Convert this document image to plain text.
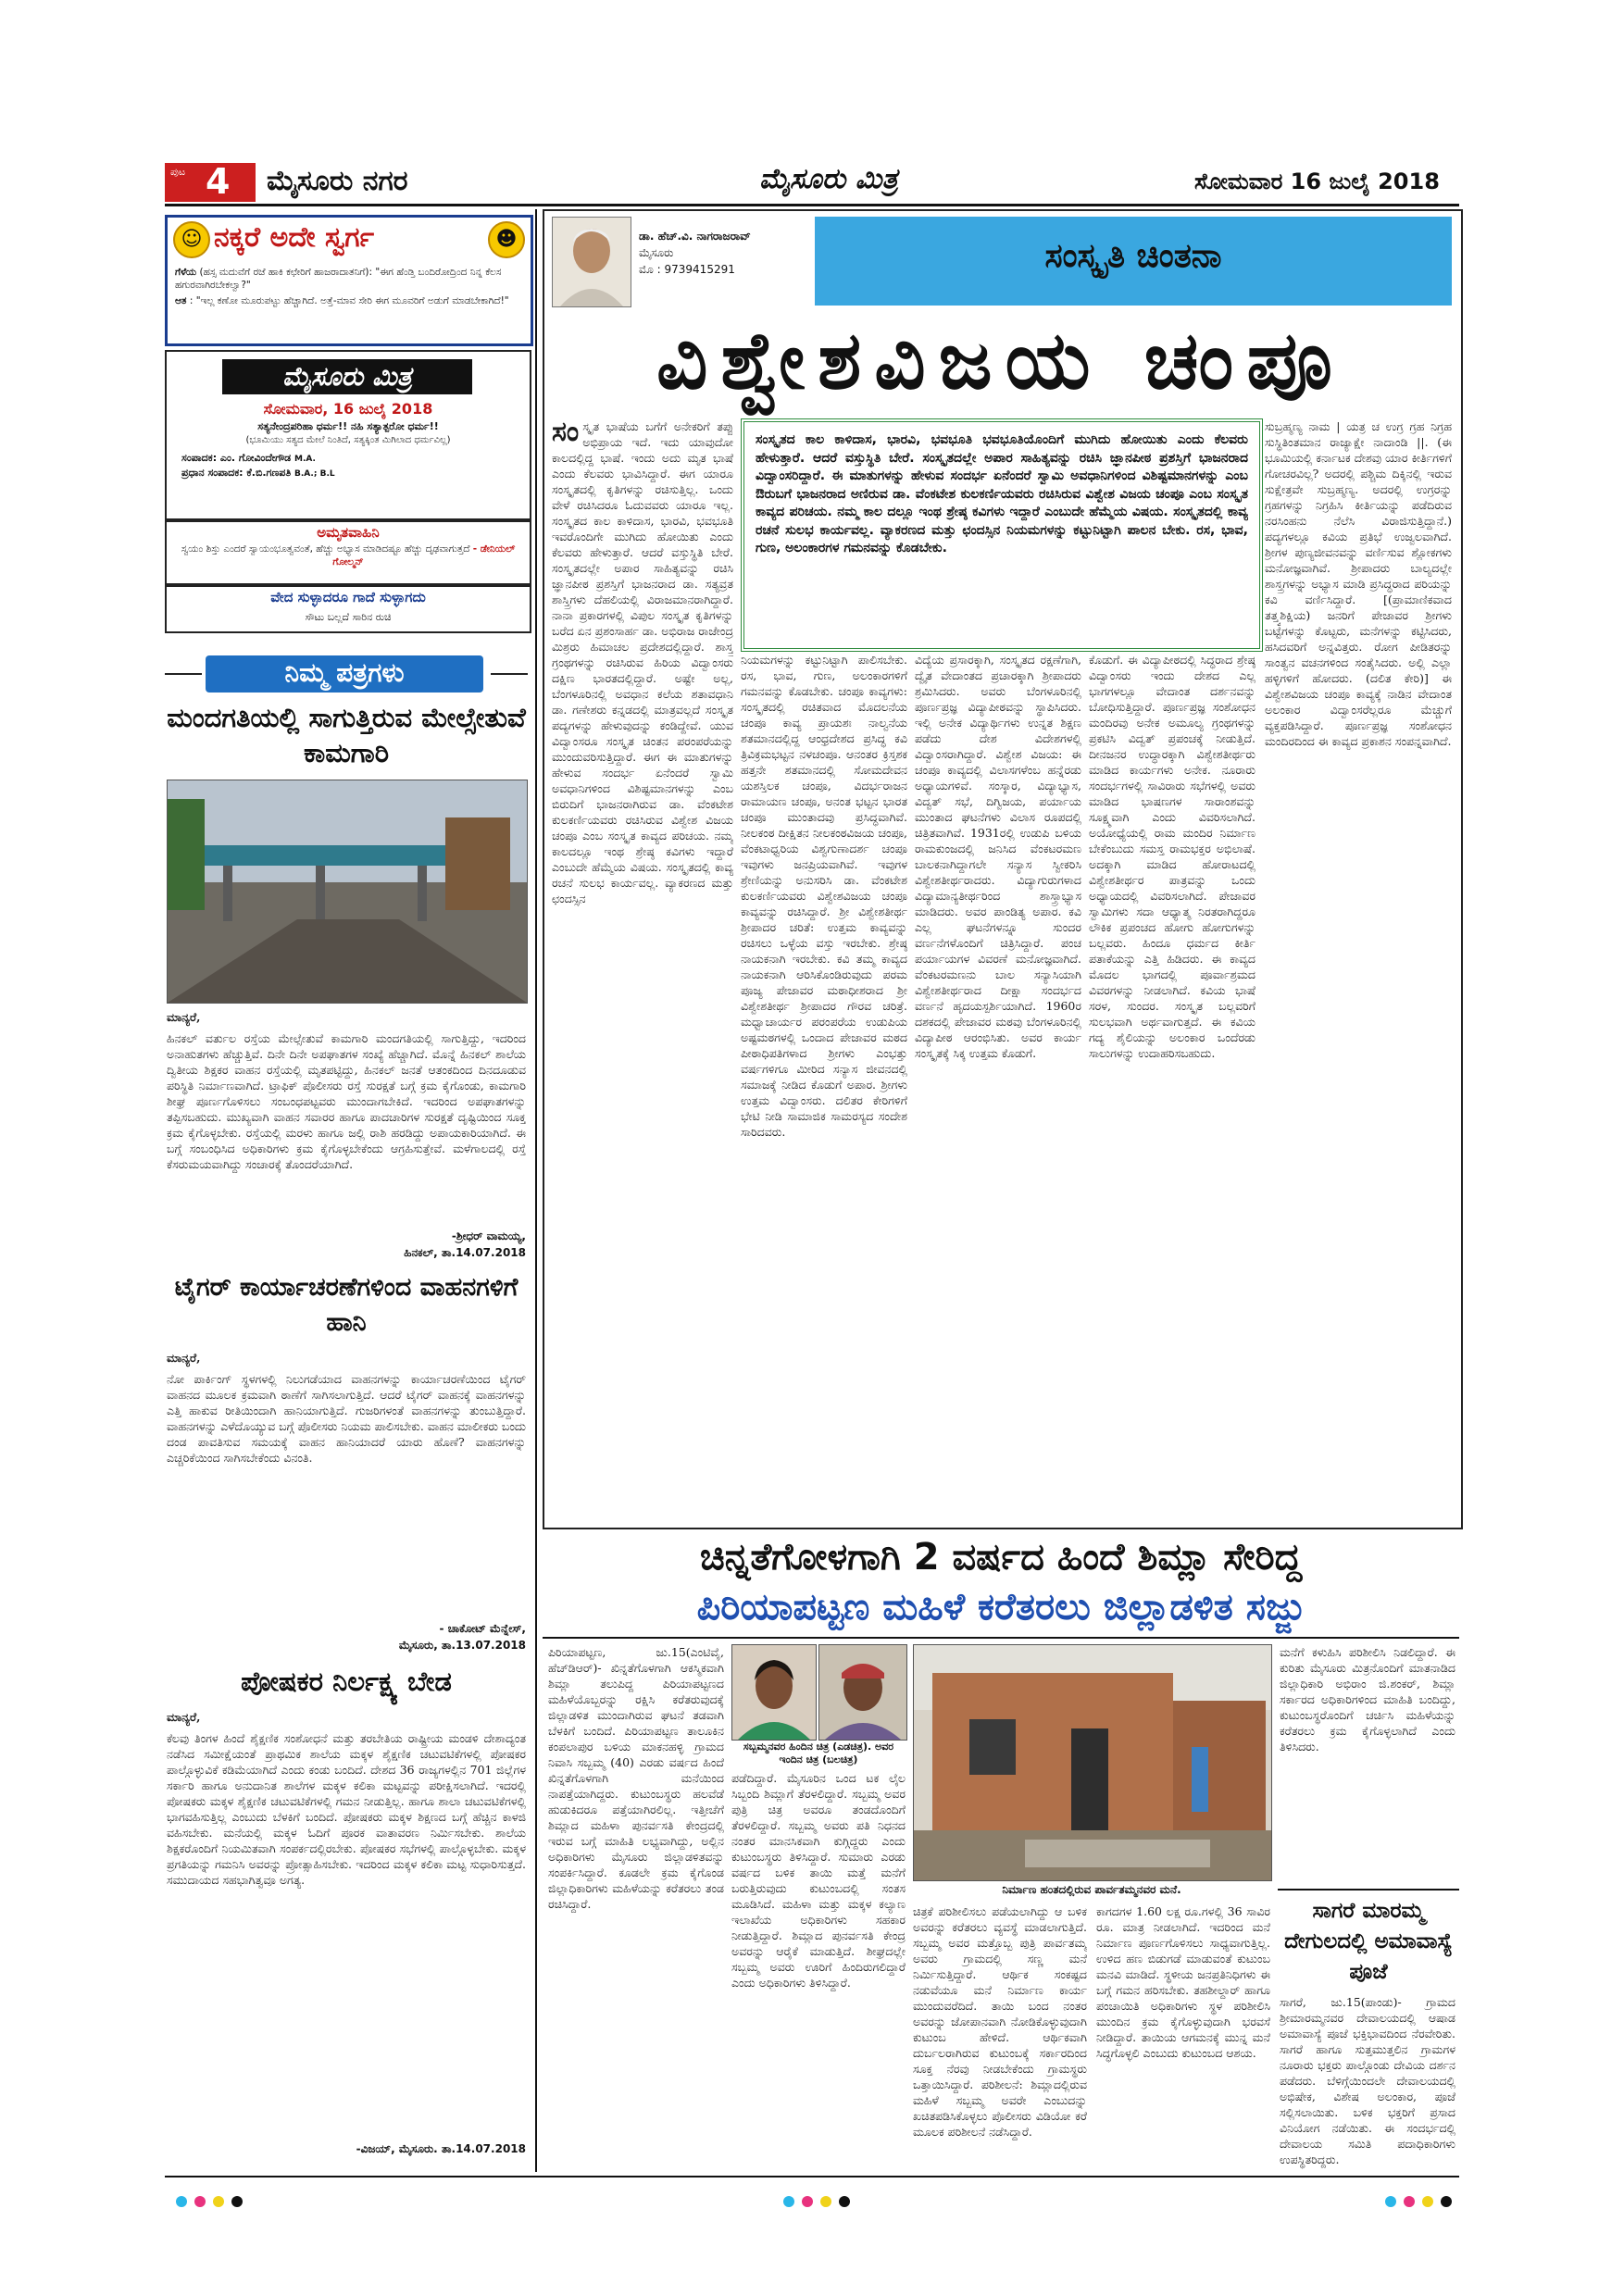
ಪುಟ 4 ಮೈಸೂರು ನಗರ	ಮೈಸೂರು ಮಿತ್ರ	ಸೋಮವಾರ 16 ಜುಲೈ 2018
☺ ನಕ್ಕರೆ ಅದೇ ಸ್ವರ್ಗ	☻
ಗೆಳೆಯ (ಹಸ್ಸ ಮದುವೆಗೆ ರಜೆ ಹಾಕಿ ಕಛೇರಿಗೆ ಹಾಜರಾದಾತನಿಗೆ): "ಈಗ ಹೆಂಡ್ತಿ ಬಂದಿರೋದ್ರಿಂದ ನಿನ್ನ ಕೆಲಸ ಹಗುರವಾಗಿರಬೇಕಲ್ವಾ?"
ಆತ : "ಇಲ್ಲ ಕಣೋ ಮೂರುಪಟ್ಟು ಹೆಚ್ಚಾಗಿದೆ. ಅತ್ತೆ-ಮಾವ ಸೇರಿ ಈಗ ಮೂವರಿಗೆ ಅಡುಗೆ ಮಾಡಬೇಕಾಗಿದೆ!"
ಮೈಸೂರು ಮಿತ್ರ
ಸೋಮವಾರ, 16 ಜುಲೈ 2018
ಸತ್ಯನೇಂದ್ರಪರಿಹಾ ಧರ್ಮ!! ನಹಿ ಸತ್ಯಾತ್ಪರೋ ಧರ್ಮ!!
(ಭೂಮಿಯು ಸತ್ಯದ ಮೇಲೆ ನಿಂತಿದೆ, ಸತ್ಯಕ್ಕಿಂತ ಮಿಗಿಲಾದ ಧರ್ಮವಿಲ್ಲ)
ಸಂಪಾದಕ: ಎಂ. ಗೋವಿಂದೇಗೌಡ M.A.
ಪ್ರಧಾನ ಸಂಪಾದಕ: ಕೆ.ಬಿ.ಗಣಪತಿ B.A.; B.L
ಅಮೃತವಾಹಿನಿ
ಸ್ವಯಂ ಶಿಸ್ತು ಎಂದರೆ ಸ್ವಾಯಂಭೂತ್ವವಂತೆ, ಹೆಚ್ಚು ಅಭ್ಯಾಸ ಮಾಡಿದಷ್ಟೂ ಹೆಚ್ಚು ದೃಢವಾಗುತ್ತದೆ - ಡೇನಿಯಲ್ ಗೋಲ್ಮನ್
ವೇದ ಸುಳ್ಳಾದರೂ ಗಾದೆ ಸುಳ್ಳಾಗದು
ಸೌಟು ಬಲ್ಲದೆ ಸಾರಿನ ರುಚಿ
ನಿಮ್ಮ ಪತ್ರಗಳು
ಮಂದಗತಿಯಲ್ಲಿ ಸಾಗುತ್ತಿರುವ ಮೇಲ್ಸೇತುವೆ ಕಾಮಗಾರಿ

ಮಾನ್ಯರೆ,

ಹಿನಕಲ್ ವರ್ತುಲ ರಸ್ತೆಯ ಮೇಲ್ಸೇತುವೆ ಕಾಮಗಾರಿ ಮಂದಗತಿಯಲ್ಲಿ ಸಾಗುತ್ತಿದ್ದು, ಇದರಿಂದ ಅನಾಹುತಗಳು ಹೆಚ್ಚುತ್ತಿವೆ. ದಿನೇ ದಿನೇ ಅಪಘಾತಗಳ ಸಂಖ್ಯೆ ಹೆಚ್ಚಾಗಿದೆ. ಮೊನ್ನೆ ಹಿನಕಲ್ ಶಾಲೆಯ ದ್ವಿತೀಯ ಶಿಕ್ಷಕರ ವಾಹನ ರಸ್ತೆಯಲ್ಲಿ ಮೃತಪಟ್ಟಿದ್ದು, ಹಿನಕಲ್ ಜನತೆ ಆತಂಕದಿಂದ ದಿನದೂಡುವ ಪರಿಸ್ಥಿತಿ ನಿರ್ಮಾಣವಾಗಿದೆ. ಟ್ರಾಫಿಕ್ ಪೊಲೀಸರು ರಸ್ತೆ ಸುರಕ್ಷತೆ ಬಗ್ಗೆ ಕ್ರಮ ಕೈಗೊಂಡು, ಕಾಮಗಾರಿ ಶೀಘ್ರ ಪೂರ್ಣಗೊಳಿಸಲು ಸಂಬಂಧಪಟ್ಟವರು ಮುಂದಾಗಬೇಕಿದೆ. ಇದರಿಂದ ಅಪಘಾತಗಳನ್ನು ತಪ್ಪಿಸಬಹುದು. ಮುಖ್ಯವಾಗಿ ವಾಹನ ಸವಾರರ ಹಾಗೂ ಪಾದಚಾರಿಗಳ ಸುರಕ್ಷತೆ ದೃಷ್ಟಿಯಿಂದ ಸೂಕ್ತ ಕ್ರಮ ಕೈಗೊಳ್ಳಬೇಕು. ರಸ್ತೆಯಲ್ಲಿ ಮರಳು ಹಾಗೂ ಜಲ್ಲಿ ರಾಶಿ ಹರಡಿದ್ದು ಅಪಾಯಕಾರಿಯಾಗಿದೆ. ಈ ಬಗ್ಗೆ ಸಂಬಂಧಿಸಿದ ಅಧಿಕಾರಿಗಳು ಕ್ರಮ ಕೈಗೊಳ್ಳಬೇಕೆಂದು ಆಗ್ರಹಿಸುತ್ತೇವೆ. ಮಳೆಗಾಲದಲ್ಲಿ ರಸ್ತೆ ಕೆಸರುಮಯವಾಗಿದ್ದು ಸಂಚಾರಕ್ಕೆ ತೊಂದರೆಯಾಗಿದೆ.

-ಶ್ರೀಧರ್ ವಾಮಯ್ಯ,
ಹಿನಕಲ್, ತಾ.14.07.2018
ಟೈಗರ್ ಕಾರ್ಯಾಚರಣೆಗಳಿಂದ ವಾಹನಗಳಿಗೆ ಹಾನಿ

ಮಾನ್ಯರೆ,

ನೋ ಪಾರ್ಕಿಂಗ್ ಸ್ಥಳಗಳಲ್ಲಿ ನಿಲುಗಡೆಯಾದ ವಾಹನಗಳನ್ನು ಕಾರ್ಯಾಚರಣೆಯಿಂದ ಟೈಗರ್ ವಾಹನದ ಮೂಲಕ ಕ್ರಮವಾಗಿ ಠಾಣೆಗೆ ಸಾಗಿಸಲಾಗುತ್ತಿದೆ. ಆದರೆ ಟೈಗರ್ ವಾಹನಕ್ಕೆ ವಾಹನಗಳನ್ನು ಎತ್ತಿ ಹಾಕುವ ರೀತಿಯಿಂದಾಗಿ ಹಾನಿಯಾಗುತ್ತಿದೆ. ಗುಜರಿಗಳಂತೆ ವಾಹನಗಳನ್ನು ತುಂಬುತ್ತಿದ್ದಾರೆ. ವಾಹನಗಳನ್ನು ಎಳೆದೊಯ್ಯುವ ಬಗ್ಗೆ ಪೊಲೀಸರು ನಿಯಮ ಪಾಲಿಸಬೇಕು. ವಾಹನ ಮಾಲೀಕರು ಬಂದು ದಂಡ ಪಾವತಿಸುವ ಸಮಯಕ್ಕೆ ವಾಹನ ಹಾನಿಯಾದರೆ ಯಾರು ಹೊಣೆ? ವಾಹನಗಳನ್ನು ಎಚ್ಚರಿಕೆಯಿಂದ ಸಾಗಿಸಬೇಕೆಂದು ವಿನಂತಿ.

- ಚಾಕೋಟ್ ಮೆನ್ನೇಸ್,
ಮೈಸೂರು, ತಾ.13.07.2018
ಪೋಷಕರ ನಿರ್ಲಕ್ಷ್ಯ ಬೇಡ

ಮಾನ್ಯರೆ,

ಕೆಲವು ತಿಂಗಳ ಹಿಂದೆ ಶೈಕ್ಷಣಿಕ ಸಂಶೋಧನೆ ಮತ್ತು ತರಬೇತಿಯ ರಾಷ್ಟ್ರೀಯ ಮಂಡಳಿ ದೇಶಾದ್ಯಂತ ನಡೆಸಿದ ಸಮೀಕ್ಷೆಯಂತೆ ಪ್ರಾಥಮಿಕ ಶಾಲೆಯ ಮಕ್ಕಳ ಶೈಕ್ಷಣಿಕ ಚಟುವಟಿಕೆಗಳಲ್ಲಿ ಪೋಷಕರ ಪಾಲ್ಗೊಳ್ಳುವಿಕೆ ಕಡಿಮೆಯಾಗಿದೆ ಎಂದು ಕಂಡು ಬಂದಿದೆ. ದೇಶದ 36 ರಾಜ್ಯಗಳಲ್ಲಿನ 701 ಜಿಲ್ಲೆಗಳ ಸರ್ಕಾರಿ ಹಾಗೂ ಅನುದಾನಿತ ಶಾಲೆಗಳ ಮಕ್ಕಳ ಕಲಿಕಾ ಮಟ್ಟವನ್ನು ಪರೀಕ್ಷಿಸಲಾಗಿದೆ. ಇದರಲ್ಲಿ ಪೋಷಕರು ಮಕ್ಕಳ ಶೈಕ್ಷಣಿಕ ಚಟುವಟಿಕೆಗಳಲ್ಲಿ ಗಮನ ನೀಡುತ್ತಿಲ್ಲ. ಹಾಗೂ ಶಾಲಾ ಚಟುವಟಿಕೆಗಳಲ್ಲಿ ಭಾಗವಹಿಸುತ್ತಿಲ್ಲ ಎಂಬುದು ಬೆಳಕಿಗೆ ಬಂದಿದೆ. ಪೋಷಕರು ಮಕ್ಕಳ ಶಿಕ್ಷಣದ ಬಗ್ಗೆ ಹೆಚ್ಚಿನ ಕಾಳಜಿ ವಹಿಸಬೇಕು. ಮನೆಯಲ್ಲಿ ಮಕ್ಕಳ ಓದಿಗೆ ಪೂರಕ ವಾತಾವರಣ ನಿರ್ಮಿಸಬೇಕು. ಶಾಲೆಯ ಶಿಕ್ಷಕರೊಂದಿಗೆ ನಿಯಮಿತವಾಗಿ ಸಂಪರ್ಕದಲ್ಲಿರಬೇಕು. ಪೋಷಕರ ಸಭೆಗಳಲ್ಲಿ ಪಾಲ್ಗೊಳ್ಳಬೇಕು. ಮಕ್ಕಳ ಪ್ರಗತಿಯನ್ನು ಗಮನಿಸಿ ಅವರನ್ನು ಪ್ರೋತ್ಸಾಹಿಸಬೇಕು. ಇದರಿಂದ ಮಕ್ಕಳ ಕಲಿಕಾ ಮಟ್ಟ ಸುಧಾರಿಸುತ್ತದೆ. ಸಮುದಾಯದ ಸಹಭಾಗಿತ್ವವೂ ಅಗತ್ಯ.

-ವಿಜಯ್, ಮೈಸೂರು. ತಾ.14.07.2018
ಡಾ. ಹೆಚ್.ವಿ. ನಾಗರಾಜರಾವ್
ಮೈಸೂರು
ಮೊ : 9739415291	ಸಂಸ್ಕೃತಿ ಚಿಂತನಾ
ವಿಶ್ವೇಶವಿಜಯ ಚಂಪೂ
ಸಂಸ್ಕೃತದ ಕಾಲ ಕಾಳಿದಾಸ, ಭಾರವಿ, ಭವಭೂತಿ ಭವಭೂತಿಯೊಂದಿಗೆ ಮುಗಿದು ಹೋಯಿತು ಎಂದು ಕೆಲವರು ಹೇಳುತ್ತಾರೆ. ಆದರೆ ವಸ್ತುಸ್ಥಿತಿ ಬೇರೆ. ಸಂಸ್ಕೃತದಲ್ಲೇ ಅಪಾರ ಸಾಹಿತ್ಯವನ್ನು ರಚಿಸಿ ಜ್ಞಾನಪೀಠ ಪ್ರಶಸ್ತಿಗೆ ಭಾಜನರಾದ ವಿದ್ವಾಂಸರಿದ್ದಾರೆ. ಈ ಮಾತುಗಳನ್ನು ಹೇಳುವ ಸಂದರ್ಭ ಏನೆಂದರೆ ಸ್ವಾಮಿ ಅವಧಾನಿಗಳಿಂದ ವಿಶಿಷ್ಟಮಾನಗಳನ್ನು ಎಂಬ ಔರುಬಗೆ ಭಾಜನರಾದ ಅಣಿರುವ ಡಾ. ವೆಂಕಟೇಶ ಕುಲಕರ್ಣಿಯವರು ರಚಿಸಿರುವ ವಿಶ್ವೇಶ ವಿಜಯ ಚಂಪೂ ಎಂಬ ಸಂಸ್ಕೃತ ಕಾವ್ಯದ ಪರಿಚಯ. ನಮ್ಮ ಕಾಲ ದಲ್ಲೂ ಇಂಥ ಶ್ರೇಷ್ಠ ಕವಿಗಳು ಇದ್ದಾರೆ ಎಂಬುದೇ ಹೆಮ್ಮೆಯ ವಿಷಯ. ಸಂಸ್ಕೃತದಲ್ಲಿ ಕಾವ್ಯ ರಚನೆ ಸುಲಭ ಕಾರ್ಯವಲ್ಲ. ವ್ಯಾಕರಣದ ಮತ್ತು ಛಂದಸ್ಸಿನ ನಿಯಮಗಳನ್ನು ಕಟ್ಟುನಿಟ್ಟಾಗಿ ಪಾಲನ ಬೇಕು. ರಸ, ಭಾವ, ಗುಣ, ಅಲಂಕಾರಗಳ ಗಮನವನ್ನು ಕೊಡಬೇಕು.
ಸಂ ಸ್ಕೃತ ಭಾಷೆಯ ಬಗೆಗೆ ಅನೇಕರಿಗೆ ತಪ್ಪು ಅಭಿಪ್ರಾಯ ಇದೆ. ಇದು ಯಾವುದೋ ಕಾಲದಲ್ಲಿದ್ದ ಭಾಷೆ. ಇಂದು ಅದು ಮೃತ ಭಾಷೆ ಎಂದು ಕೆಲವರು ಭಾವಿಸಿದ್ದಾರೆ. ಈಗ ಯಾರೂ ಸಂಸ್ಕೃತದಲ್ಲಿ ಕೃತಿಗಳನ್ನು ರಚಿಸುತ್ತಿಲ್ಲ. ಒಂದು ವೇಳೆ ರಚಿಸಿದರೂ ಓದುವವರು ಯಾರೂ ಇಲ್ಲ. ಸಂಸ್ಕೃತದ ಕಾಲ ಕಾಳಿದಾಸ, ಭಾರವಿ, ಭವಭೂತಿ ಇವರೊಂದಿಗೇ ಮುಗಿದು ಹೋಯಿತು ಎಂದು ಕೆಲವರು ಹೇಳುತ್ತಾರೆ. ಆದರೆ ವಸ್ತುಸ್ಥಿತಿ ಬೇರೆ. ಸಂಸ್ಕೃತದಲ್ಲೇ ಅಪಾರ ಸಾಹಿತ್ಯವನ್ನು ರಚಿಸಿ ಜ್ಞಾನಪೀಠ ಪ್ರಶಸ್ತಿಗೆ ಭಾಜನರಾದ ಡಾ. ಸತ್ಯವ್ರತ ಶಾಸ್ತ್ರಿಗಳು ದೆಹಲಿಯಲ್ಲಿ ವಿರಾಜಮಾನರಾಗಿದ್ದಾರೆ. ನಾನಾ ಪ್ರಕಾರಗಳಲ್ಲಿ ವಿಪುಲ ಸಂಸ್ಕೃತ ಕೃತಿಗಳನ್ನು ಬರೆದ ಏನ ಪ್ರಶಂಸಾರ್ಹ ಡಾ. ಅಭಿರಾಜ ರಾಜೇಂದ್ರ ಮಿಶ್ರರು ಹಿಮಾಚಲ ಪ್ರದೇಶದಲ್ಲಿದ್ದಾರೆ. ಶಾಸ್ತ್ರ ಗ್ರಂಥಗಳನ್ನು ರಚಿಸಿರುವ ಹಿರಿಯ ವಿದ್ವಾಂಸರು ದಕ್ಷಿಣ ಭಾರತದಲ್ಲಿದ್ದಾರೆ. ಅಷ್ಟೇ ಅಲ್ಲ, ಬೆಂಗಳೂರಿನಲ್ಲಿ ಅವಧಾನ ಕಲೆಯ ಶತಾವಧಾನಿ ಡಾ. ಗಣೇಶರು ಕನ್ನಡದಲ್ಲಿ ಮಾತ್ರವಲ್ಲದೆ ಸಂಸ್ಕೃತ ಪದ್ಯಗಳನ್ನು ಹೇಳುವುದನ್ನು ಕಂಡಿದ್ದೇವೆ. ಯುವ ವಿದ್ವಾಂಸರೂ ಸಂಸ್ಕೃತ ಚಿಂತನ ಪರಂಪರೆಯನ್ನು ಮುಂದುವರಿಸುತ್ತಿದ್ದಾರೆ. ಈಗ ಈ ಮಾತುಗಳನ್ನು ಹೇಳುವ ಸಂದರ್ಭ ಏನೆಂದರೆ ಸ್ವಾಮಿ ಅವಧಾನಿಗಳಿಂದ ವಿಶಿಷ್ಟಮಾನಗಳನ್ನು ಎಂಬ ಬಿರುದಿಗೆ ಭಾಜನರಾಗಿರುವ ಡಾ. ವೆಂಕಟೇಶ ಕುಲಕರ್ಣಿಯವರು ರಚಿಸಿರುವ ವಿಶ್ವೇಶ ವಿಜಯ ಚಂಪೂ ಎಂಬ ಸಂಸ್ಕೃತ ಕಾವ್ಯದ ಪರಿಚಯ. ನಮ್ಮ ಕಾಲದಲ್ಲೂ ಇಂಥ ಶ್ರೇಷ್ಠ ಕವಿಗಳು ಇದ್ದಾರೆ ಎಂಬುದೇ ಹೆಮ್ಮೆಯ ವಿಷಯ. ಸಂಸ್ಕೃತದಲ್ಲಿ ಕಾವ್ಯ ರಚನೆ ಸುಲಭ ಕಾರ್ಯವಲ್ಲ. ವ್ಯಾಕರಣದ ಮತ್ತು ಛಂದಸ್ಸಿನ
ನಿಯಮಗಳನ್ನು ಕಟ್ಟುನಿಟ್ಟಾಗಿ ಪಾಲಿಸಬೇಕು. ರಸ, ಭಾವ, ಗುಣ, ಅಲಂಕಾರಗಳಿಗೆ ಗಮನವನ್ನು ಕೊಡಬೇಕು. ಚಂಪೂ ಕಾವ್ಯಗಳು: ಸಂಸ್ಕೃತದಲ್ಲಿ ರಚಿತವಾದ ಮೊದಲನೆಯ ಚಂಪೂ ಕಾವ್ಯ ಪ್ರಾಯಶಃ ನಾಲ್ವನೆಯ ಶತಮಾನದಲ್ಲಿದ್ದ ಆಂಧ್ರದೇಶದ ಪ್ರಸಿದ್ಧ ಕವಿ ತ್ರಿವಿಕ್ರಮಭಟ್ಟನ ನಳಚಂಪೂ. ಆನಂತರ ಕ್ರಿಸ್ತಶಕ ಹತ್ತನೇ ಶತಮಾನದಲ್ಲಿ ಸೋಮದೇವನ ಯಶಸ್ತಿಲಕ ಚಂಪೂ, ವಿದರ್ಭರಾಜನ ರಾಮಾಯಣ ಚಂಪೂ, ಅನಂತ ಭಟ್ಟನ ಭಾರತ ಚಂಪೂ ಮುಂತಾದವು ಪ್ರಸಿದ್ಧವಾಗಿವೆ. ನೀಲಕಂಠ ದೀಕ್ಷಿತನ ನೀಲಕಂಠವಿಜಯ ಚಂಪೂ, ವೆಂಕಟಾಧ್ವರಿಯ ವಿಶ್ವಗುಣಾದರ್ಶ ಚಂಪೂ ಇವುಗಳು ಜನಪ್ರಿಯವಾಗಿವೆ. ಇವುಗಳ ಶ್ರೇಣಿಯನ್ನು ಅನುಸರಿಸಿ ಡಾ. ವೆಂಕಟೇಶ ಕುಲಕರ್ಣಿಯವರು ವಿಶ್ವೇಶವಿಜಯ ಚಂಪೂ ಕಾವ್ಯವನ್ನು ರಚಿಸಿದ್ದಾರೆ. ಶ್ರೀ ವಿಶ್ವೇಶತೀರ್ಥ ಶ್ರೀಪಾದರ ಚರಿತೆ: ಉತ್ತಮ ಕಾವ್ಯವನ್ನು ರಚಿಸಲು ಒಳ್ಳೆಯ ವಸ್ತು ಇರಬೇಕು. ಶ್ರೇಷ್ಠ ನಾಯಕನಾಗಿ ಇರಬೇಕು. ಕವಿ ತಮ್ಮ ಕಾವ್ಯದ ನಾಯಕನಾಗಿ ಆರಿಸಿಕೊಂಡಿರುವುದು ಪರಮ ಪೂಜ್ಯ ಪೇಜಾವರ ಮಠಾಧೀಶರಾದ ಶ್ರೀ ವಿಶ್ವೇಶತೀರ್ಥ ಶ್ರೀಪಾದರ ಗೌರವ ಚರಿತ್ರೆ. ಮಧ್ವಾಚಾರ್ಯರ ಪರಂಪರೆಯ ಉಡುಪಿಯ ಅಷ್ಟಮಠಗಳಲ್ಲಿ ಒಂದಾದ ಪೇಜಾವರ ಮಠದ ಪೀಠಾಧಿಪತಿಗಳಾದ ಶ್ರೀಗಳು ಎಂಭತ್ತು ವರ್ಷಗಳಿಗೂ ಮೀರಿದ ಸನ್ಯಾಸ ಜೀವನದಲ್ಲಿ ಸಮಾಜಕ್ಕೆ ನೀಡಿದ ಕೊಡುಗೆ ಅಪಾರ. ಶ್ರೀಗಳು ಉತ್ತಮ ವಿದ್ವಾಂಸರು. ದಲಿತರ ಕೇರಿಗಳಿಗೆ ಭೇಟಿ ನೀಡಿ ಸಾಮಾಜಿಕ ಸಾಮರಸ್ಯದ ಸಂದೇಶ ಸಾರಿದವರು.
ವಿದ್ಯೆಯ ಪ್ರಸಾರಕ್ಕಾಗಿ, ಸಂಸ್ಕೃತದ ರಕ್ಷಣೆಗಾಗಿ, ದ್ವೈತ ವೇದಾಂತದ ಪ್ರಚಾರಕ್ಕಾಗಿ ಶ್ರೀಪಾದರು ಶ್ರಮಿಸಿದರು. ಅವರು ಬೆಂಗಳೂರಿನಲ್ಲಿ ಪೂರ್ಣಪ್ರಜ್ಞ ವಿದ್ಯಾಪೀಠವನ್ನು ಸ್ಥಾಪಿಸಿದರು. ಇಲ್ಲಿ ಅನೇಕ ವಿದ್ಯಾರ್ಥಿಗಳು ಉನ್ನತ ಶಿಕ್ಷಣ ಪಡೆದು ದೇಶ ವಿದೇಶಗಳಲ್ಲಿ ವಿದ್ವಾಂಸರಾಗಿದ್ದಾರೆ. ವಿಶ್ವೇಶ ವಿಜಯ: ಈ ಚಂಪೂ ಕಾವ್ಯದಲ್ಲಿ ವಿಲಾಸಗಳೆಂಬ ಹನ್ನೆರಡು ಅಧ್ಯಾಯಗಳಿವೆ. ಸಂಸ್ಕಾರ, ವಿದ್ಯಾಭ್ಯಾಸ, ವಿದ್ವತ್ ಸಭೆ, ದಿಗ್ವಿಜಯ, ಪರ್ಯಾಯ ಮುಂತಾದ ಘಟನೆಗಳು ವಿಲಾಸ ರೂಪದಲ್ಲಿ ಚಿತ್ರಿತವಾಗಿವೆ. 1931ರಲ್ಲಿ ಉಡುಪಿ ಬಳಿಯ ರಾಮಕುಂಜದಲ್ಲಿ ಜನಿಸಿದ ವೆಂಕಟರಮಣ ಬಾಲಕನಾಗಿದ್ದಾಗಲೇ ಸನ್ಯಾಸ ಸ್ವೀಕರಿಸಿ ವಿಶ್ವೇಶತೀರ್ಥರಾದರು. ವಿದ್ಯಾಗುರುಗಳಾದ ವಿದ್ಯಾಮಾನ್ಯತೀರ್ಥರಿಂದ ಶಾಸ್ತ್ರಾಭ್ಯಾಸ ಮಾಡಿದರು. ಅವರ ಪಾಂಡಿತ್ಯ ಅಪಾರ. ಕವಿ ಎಲ್ಲ ಘಟನೆಗಳನ್ನೂ ಸುಂದರ ವರ್ಣನೆಗಳೊಂದಿಗೆ ಚಿತ್ರಿಸಿದ್ದಾರೆ. ಪಂಚ ಪರ್ಯಾಯಗಳ ವಿವರಣೆ ಮನೋಜ್ಞವಾಗಿದೆ. ವೆಂಕಟರಮಣನು ಬಾಲ ಸನ್ಯಾಸಿಯಾಗಿ ವಿಶ್ವೇಶತೀರ್ಥರಾದ ದೀಕ್ಷಾ ಸಂದರ್ಭದ ವರ್ಣನೆ ಹೃದಯಸ್ಪರ್ಶಿಯಾಗಿದೆ. 1960ರ ದಶಕದಲ್ಲಿ ಪೇಜಾವರ ಮಠವು ಬೆಂಗಳೂರಿನಲ್ಲಿ ವಿದ್ಯಾಪೀಠ ಆರಂಭಿಸಿತು. ಅವರ ಕಾರ್ಯ ಸಂಸ್ಕೃತಕ್ಕೆ ಸಿಕ್ಕ ಉತ್ತಮ ಕೊಡುಗೆ.
ಕೊಡುಗೆ. ಈ ವಿದ್ಯಾಪೀಠದಲ್ಲಿ ಸಿದ್ಧರಾದ ಶ್ರೇಷ್ಠ ವಿದ್ವಾಂಸರು ಇಂದು ದೇಶದ ಎಲ್ಲ ಭಾಗಗಳಲ್ಲೂ ವೇದಾಂತ ದರ್ಶನವನ್ನು ಬೋಧಿಸುತ್ತಿದ್ದಾರೆ. ಪೂರ್ಣಪ್ರಜ್ಞ ಸಂಶೋಧನ ಮಂದಿರವು ಅನೇಕ ಅಮೂಲ್ಯ ಗ್ರಂಥಗಳನ್ನು ಪ್ರಕಟಿಸಿ ವಿದ್ವತ್ ಪ್ರಪಂಚಕ್ಕೆ ನೀಡುತ್ತಿದೆ. ದೀನಜನರ ಉದ್ಧಾರಕ್ಕಾಗಿ ವಿಶ್ವೇಶತೀರ್ಥರು ಮಾಡಿದ ಕಾರ್ಯಗಳು ಅನೇಕ. ನೂರಾರು ಸಂದರ್ಭಗಳಲ್ಲಿ ಸಾವಿರಾರು ಸಭೆಗಳಲ್ಲಿ ಅವರು ಮಾಡಿದ ಭಾಷಣಗಳ ಸಾರಾಂಶವನ್ನು ಸೂಕ್ಷ್ಮವಾಗಿ ಎಂದು ವಿವರಿಸಲಾಗಿದೆ. ಅಯೋಧ್ಯೆಯಲ್ಲಿ ರಾಮ ಮಂದಿರ ನಿರ್ಮಾಣ ಬೇಕೆಂಬುದು ಸಮಸ್ತ ರಾಮಭಕ್ತರ ಅಭಿಲಾಷೆ. ಅದಕ್ಕಾಗಿ ಮಾಡಿದ ಹೋರಾಟದಲ್ಲಿ ವಿಶ್ವೇಶತೀರ್ಥರ ಪಾತ್ರವನ್ನು ಒಂದು ಅಧ್ಯಾಯದಲ್ಲಿ ವಿವರಿಸಲಾಗಿದೆ. ಪೇಜಾವರ ಸ್ವಾಮಿಗಳು ಸದಾ ಆಧ್ಯಾತ್ಮ ನಿರತರಾಗಿದ್ದರೂ ಲೌಕಿಕ ಪ್ರಪಂಚದ ಹೋಗು ಹೋಗುಗಳನ್ನು ಬಲ್ಲವರು. ಹಿಂದೂ ಧರ್ಮದ ಕೀರ್ತಿ ಪತಾಕೆಯನ್ನು ಎತ್ತಿ ಹಿಡಿದರು. ಈ ಕಾವ್ಯದ ಮೊದಲ ಭಾಗದಲ್ಲಿ ಪೂರ್ವಾಶ್ರಮದ ವಿವರಗಳನ್ನು ನೀಡಲಾಗಿದೆ. ಕವಿಯ ಭಾಷೆ ಸರಳ, ಸುಂದರ. ಸಂಸ್ಕೃತ ಬಲ್ಲವರಿಗೆ ಸುಲಭವಾಗಿ ಅರ್ಥವಾಗುತ್ತದೆ. ಈ ಕವಿಯ ಗದ್ಯ ಶೈಲಿಯನ್ನು ಅಲಂಕಾರ ಒಂದೆರಡು ಸಾಲುಗಳನ್ನು ಉದಾಹರಿಸಬಹುದು.
ಸುಬ್ರಹ್ಮಣ್ಯ ನಾಮ | ಯತ್ರ ಚ ಉಗ್ರ ಗ್ರಹ ನಿಗ್ರಹ ಸುಸ್ಥಿತಿಂತಮಾನ ರಾಜ್ಯಾಕ್ಷೇ ನಾದಾಂಡಿ ||. (ಈ ಭೂಮಿಯಲ್ಲಿ ಕರ್ನಾಟಕ ದೇಶವು ಯಾರ ಕೀರ್ತಿಗಳಿಗೆ ಗೋಚರವಿಲ್ಲ? ಅದರಲ್ಲಿ ಪಶ್ಚಿಮ ದಿಕ್ಕಿನಲ್ಲಿ ಇರುವ ಸುಕ್ಷೇತ್ರವೇ ಸುಬ್ರಹ್ಮಣ್ಯ. ಅದರಲ್ಲಿ ಉಗ್ರರನ್ನು ಗ್ರಹಗಳನ್ನು ನಿಗ್ರಹಿಸಿ ಕೀರ್ತಿಯನ್ನು ಪಡೆದಿರುವ ನರಸಿಂಹನು ನೆಲೆಸಿ ವಿರಾಜಿಸುತ್ತಿದ್ದಾನೆ.) ಪದ್ಯಗಳಲ್ಲೂ ಕವಿಯ ಪ್ರತಿಭೆ ಉಜ್ವಲವಾಗಿದೆ. ಶ್ರೀಗಳ ಪುಣ್ಯಜೀವನವನ್ನು ವರ್ಣಿಸುವ ಶ್ಲೋಕಗಳು ಮನೋಜ್ಞವಾಗಿವೆ. ಶ್ರೀಪಾದರು ಬಾಲ್ಯದಲ್ಲೇ ಶಾಸ್ತ್ರಗಳನ್ನು ಅಭ್ಯಾಸ ಮಾಡಿ ಪ್ರಸಿದ್ಧರಾದ ಪರಿಯನ್ನು ಕವಿ ವರ್ಣಿಸಿದ್ದಾರೆ. [(ಪ್ರಾಮಾಣಿಕವಾದ ತತ್ತ್ವಶಿಕ್ಷಿಯ) ಜನರಿಗೆ ಪೇಜಾವರ ಶ್ರೀಗಳು ಬಟ್ಟೆಗಳನ್ನು ಕೊಟ್ಟರು, ಮನೆಗಳನ್ನು ಕಟ್ಟಿಸಿದರು, ಹಸಿದವರಿಗೆ ಅನ್ನವಿತ್ತರು. ರೋಗ ಪೀಡಿತರನ್ನು ಸಾಂತ್ವನ ವಚನಗಳಿಂದ ಸಂತೈಸಿದರು. ಅಲ್ಲಿ ಎಲ್ಲಾ ಹಳ್ಳಿಗಳಿಗೆ ಹೋದರು. (ದಲಿತ ಕೇರಿ)] ಈ ವಿಶ್ವೇಶವಿಜಯ ಚಂಪೂ ಕಾವ್ಯಕ್ಕೆ ನಾಡಿನ ವೇದಾಂತ ಅಲಂಕಾರ ವಿದ್ವಾಂಸರೆಲ್ಲರೂ ಮೆಚ್ಚುಗೆ ವ್ಯಕ್ತಪಡಿಸಿದ್ದಾರೆ. ಪೂರ್ಣಪ್ರಜ್ಞ ಸಂಶೋಧನ ಮಂದಿರದಿಂದ ಈ ಕಾವ್ಯದ ಪ್ರಕಾಶನ ಸಂಪನ್ನವಾಗಿದೆ.
ಚಿನ್ನತೆಗೋಳಗಾಗಿ 2 ವರ್ಷದ ಹಿಂದೆ ಶಿಮ್ಲಾ ಸೇರಿದ್ದ
ಪಿರಿಯಾಪಟ್ಟಣ ಮಹಿಳೆ ಕರೆತರಲು ಜಿಲ್ಲಾಡಳಿತ ಸಜ್ಜು
ಪಿರಿಯಾಪಟ್ಟಣ, ಜು.15(ಎಂಟಿವೈ, ಹೆಚ್‌ಡಿಆರ್)- ಖಿನ್ನತೆಗೊಳಗಾಗಿ ಆಕಸ್ಮಿಕವಾಗಿ ಶಿಮ್ಲಾ ತಲುಪಿದ್ದ ಪಿರಿಯಾಪಟ್ಟಣದ ಮಹಿಳೆಯೊಬ್ಬರನ್ನು ರಕ್ಷಿಸಿ ಕರೆತರುವುದಕ್ಕೆ ಜಿಲ್ಲಾಡಳಿತ ಮುಂದಾಗಿರುವ ಘಟನೆ ತಡವಾಗಿ ಬೆಳಕಿಗೆ ಬಂದಿದೆ. ಪಿರಿಯಾಪಟ್ಟಣ ತಾಲೂಕಿನ ಕಂಪಲಾಪುರ ಬಳಿಯ ಮಾಕನಹಳ್ಳಿ ಗ್ರಾಮದ ನಿವಾಸಿ ಸಬ್ಬಮ್ಮ (40) ಎರಡು ವರ್ಷದ ಹಿಂದೆ ಖಿನ್ನತೆಗೊಳಗಾಗಿ ಮನೆಯಿಂದ ನಾಪತ್ತೆಯಾಗಿದ್ದರು. ಕುಟುಂಬಸ್ಥರು ಹಲವೆಡೆ ಹುಡುಕಿದರೂ ಪತ್ತೆಯಾಗಿರಲಿಲ್ಲ. ಇತ್ತೀಚೆಗೆ ಶಿಮ್ಲಾದ ಮಹಿಳಾ ಪುನರ್ವಸತಿ ಕೇಂದ್ರದಲ್ಲಿ ಇರುವ ಬಗ್ಗೆ ಮಾಹಿತಿ ಲಭ್ಯವಾಗಿದ್ದು, ಅಲ್ಲಿನ ಅಧಿಕಾರಿಗಳು ಮೈಸೂರು ಜಿಲ್ಲಾಡಳಿತವನ್ನು ಸಂಪರ್ಕಿಸಿದ್ದಾರೆ. ಕೂಡಲೇ ಕ್ರಮ ಕೈಗೊಂಡ ಜಿಲ್ಲಾಧಿಕಾರಿಗಳು ಮಹಿಳೆಯನ್ನು ಕರೆತರಲು ತಂಡ ರಚಿಸಿದ್ದಾರೆ.
ಸಬ್ಬಮ್ಮನವರ ಹಿಂದಿನ ಚಿತ್ರ (ಎಡಚಿತ್ರ). ಅವರ ಇಂದಿನ ಚಿತ್ರ (ಬಲಚಿತ್ರ)
ಪಡೆದಿದ್ದಾರೆ. ಮೈಸೂರಿನ ಒಂದ ಟಕ ಲೈಲ ಸಿಬ್ಬಂದಿ ಶಿಮ್ಲಾಗೆ ತೆರಳಲಿದ್ದಾರೆ. ಸಬ್ಬಮ್ಮ ಅವರ ಪುತ್ರಿ ಚಿತ್ರ ಅವರೂ ತಂಡದೊಂದಿಗೆ ತೆರಳಲಿದ್ದಾರೆ. ಸಬ್ಬಮ್ಮ ಅವರು ಪತಿ ನಿಧನದ ನಂತರ ಮಾನಸಿಕವಾಗಿ ಕುಗ್ಗಿದ್ದರು ಎಂದು ಕುಟುಂಬಸ್ಥರು ತಿಳಿಸಿದ್ದಾರೆ. ಸುಮಾರು ಎರಡು ವರ್ಷದ ಬಳಿಕ ತಾಯಿ ಮತ್ತೆ ಮನೆಗೆ ಬರುತ್ತಿರುವುದು ಕುಟುಂಬದಲ್ಲಿ ಸಂತಸ ಮೂಡಿಸಿದೆ. ಮಹಿಳಾ ಮತ್ತು ಮಕ್ಕಳ ಕಲ್ಯಾಣ ಇಲಾಖೆಯ ಅಧಿಕಾರಿಗಳು ಸಹಕಾರ ನೀಡುತ್ತಿದ್ದಾರೆ. ಶಿಮ್ಲಾದ ಪುನರ್ವಸತಿ ಕೇಂದ್ರ ಅವರನ್ನು ಆರೈಕೆ ಮಾಡುತ್ತಿದೆ. ಶೀಘ್ರದಲ್ಲೇ ಸಬ್ಬಮ್ಮ ಅವರು ಊರಿಗೆ ಹಿಂದಿರುಗಲಿದ್ದಾರೆ ಎಂದು ಅಧಿಕಾರಿಗಳು ತಿಳಿಸಿದ್ದಾರೆ.
ನಿರ್ಮಾಣ ಹಂತದಲ್ಲಿರುವ ಪಾರ್ವತಮ್ಮನವರ ಮನೆ.
ಚಿತ್ರಕೆ ಪರಿಶೀಲಿಸಲು ಪಡೆಯಲಾಗಿದ್ದು ಆ ಬಳಿಕ ಅವರನ್ನು ಕರೆತರಲು ವ್ಯವಸ್ಥೆ ಮಾಡಲಾಗುತ್ತಿದೆ. ಸಬ್ಬಮ್ಮ ಅವರ ಮತ್ತೊಬ್ಬ ಪುತ್ರಿ ಪಾರ್ವತಮ್ಮ ಅವರು ಗ್ರಾಮದಲ್ಲಿ ಸಣ್ಣ ಮನೆ ನಿರ್ಮಿಸುತ್ತಿದ್ದಾರೆ. ಆರ್ಥಿಕ ಸಂಕಷ್ಟದ ನಡುವೆಯೂ ಮನೆ ನಿರ್ಮಾಣ ಕಾರ್ಯ ಮುಂದುವರೆದಿದೆ. ತಾಯಿ ಬಂದ ನಂತರ ಅವರನ್ನು ಜೋಪಾನವಾಗಿ ನೋಡಿಕೊಳ್ಳುವುದಾಗಿ ಕುಟುಂಬ ಹೇಳಿದೆ. ಆರ್ಥಿಕವಾಗಿ ದುರ್ಬಲರಾಗಿರುವ ಕುಟುಂಬಕ್ಕೆ ಸರ್ಕಾರದಿಂದ ಸೂಕ್ತ ನೆರವು ನೀಡಬೇಕೆಂದು ಗ್ರಾಮಸ್ಥರು ಒತ್ತಾಯಿಸಿದ್ದಾರೆ. ಪರಿಶೀಲನೆ: ಶಿಮ್ಲಾದಲ್ಲಿರುವ ಮಹಿಳೆ ಸಬ್ಬಮ್ಮ ಅವರೇ ಎಂಬುದನ್ನು ಖಚಿತಪಡಿಸಿಕೊಳ್ಳಲು ಪೊಲೀಸರು ವಿಡಿಯೋ ಕರೆ ಮೂಲಕ ಪರಿಶೀಲನೆ ನಡೆಸಿದ್ದಾರೆ.
ಕಾಗದಗಳ 1.60 ಲಕ್ಷ ರೂ.ಗಳಲ್ಲಿ 36 ಸಾವಿರ ರೂ. ಮಾತ್ರ ನೀಡಲಾಗಿದೆ. ಇದರಿಂದ ಮನೆ ನಿರ್ಮಾಣ ಪೂರ್ಣಗೊಳಿಸಲು ಸಾಧ್ಯವಾಗುತ್ತಿಲ್ಲ. ಉಳಿದ ಹಣ ಬಿಡುಗಡೆ ಮಾಡುವಂತೆ ಕುಟುಂಬ ಮನವಿ ಮಾಡಿದೆ. ಸ್ಥಳೀಯ ಜನಪ್ರತಿನಿಧಿಗಳು ಈ ಬಗ್ಗೆ ಗಮನ ಹರಿಸಬೇಕು. ತಹಶೀಲ್ದಾರ್ ಹಾಗೂ ಪಂಚಾಯಿತಿ ಅಧಿಕಾರಿಗಳು ಸ್ಥಳ ಪರಿಶೀಲಿಸಿ ಮುಂದಿನ ಕ್ರಮ ಕೈಗೊಳ್ಳುವುದಾಗಿ ಭರವಸೆ ನೀಡಿದ್ದಾರೆ. ತಾಯಿಯ ಆಗಮನಕ್ಕೆ ಮುನ್ನ ಮನೆ ಸಿದ್ಧಗೊಳ್ಳಲಿ ಎಂಬುದು ಕುಟುಂಬದ ಆಶಯ.
ಮನೆಗೆ ಕಳುಹಿಸಿ ಪರಿಶೀಲಿಸಿ ನಿಡಲಿದ್ದಾರೆ. ಈ ಕುರಿತು ಮೈಸೂರು ಮಿತ್ರನೊಂದಿಗೆ ಮಾತನಾಡಿದ ಜಿಲ್ಲಾಧಿಕಾರಿ ಅಭಿರಾಂ ಜಿ.ಶಂಕರ್, ಶಿಮ್ಲಾ ಸರ್ಕಾರದ ಅಧಿಕಾರಿಗಳಿಂದ ಮಾಹಿತಿ ಬಂದಿದ್ದು, ಕುಟುಂಬಸ್ಥರೊಂದಿಗೆ ಚರ್ಚಿಸಿ ಮಹಿಳೆಯನ್ನು ಕರೆತರಲು ಕ್ರಮ ಕೈಗೊಳ್ಳಲಾಗಿದೆ ಎಂದು ತಿಳಿಸಿದರು.
ಸಾಗರೆ ಮಾರಮ್ಮ ದೇಗುಲದಲ್ಲಿ ಅಮಾವಾಸ್ಯೆ ಪೂಜೆ
ಸಾಗರೆ, ಜು.15(ಪಾಂಡು)- ಗ್ರಾಮದ ಶ್ರೀಮಾರಮ್ಮನವರ ದೇವಾಲಯದಲ್ಲಿ ಆಷಾಡ ಅಮಾವಾಸ್ಯೆ ಪೂಜೆ ಭಕ್ತಿಭಾವದಿಂದ ನೆರವೇರಿತು. ಸಾಗರೆ ಹಾಗೂ ಸುತ್ತಮುತ್ತಲಿನ ಗ್ರಾಮಗಳ ನೂರಾರು ಭಕ್ತರು ಪಾಲ್ಗೊಂಡು ದೇವಿಯ ದರ್ಶನ ಪಡೆದರು. ಬೆಳಿಗ್ಗೆಯಿಂದಲೇ ದೇವಾಲಯದಲ್ಲಿ ಅಭಿಷೇಕ, ವಿಶೇಷ ಅಲಂಕಾರ, ಪೂಜೆ ಸಲ್ಲಿಸಲಾಯಿತು. ಬಳಿಕ ಭಕ್ತರಿಗೆ ಪ್ರಸಾದ ವಿನಿಯೋಗ ನಡೆಯಿತು. ಈ ಸಂದರ್ಭದಲ್ಲಿ ದೇವಾಲಯ ಸಮಿತಿ ಪದಾಧಿಕಾರಿಗಳು ಉಪಸ್ಥಿತರಿದ್ದರು.
